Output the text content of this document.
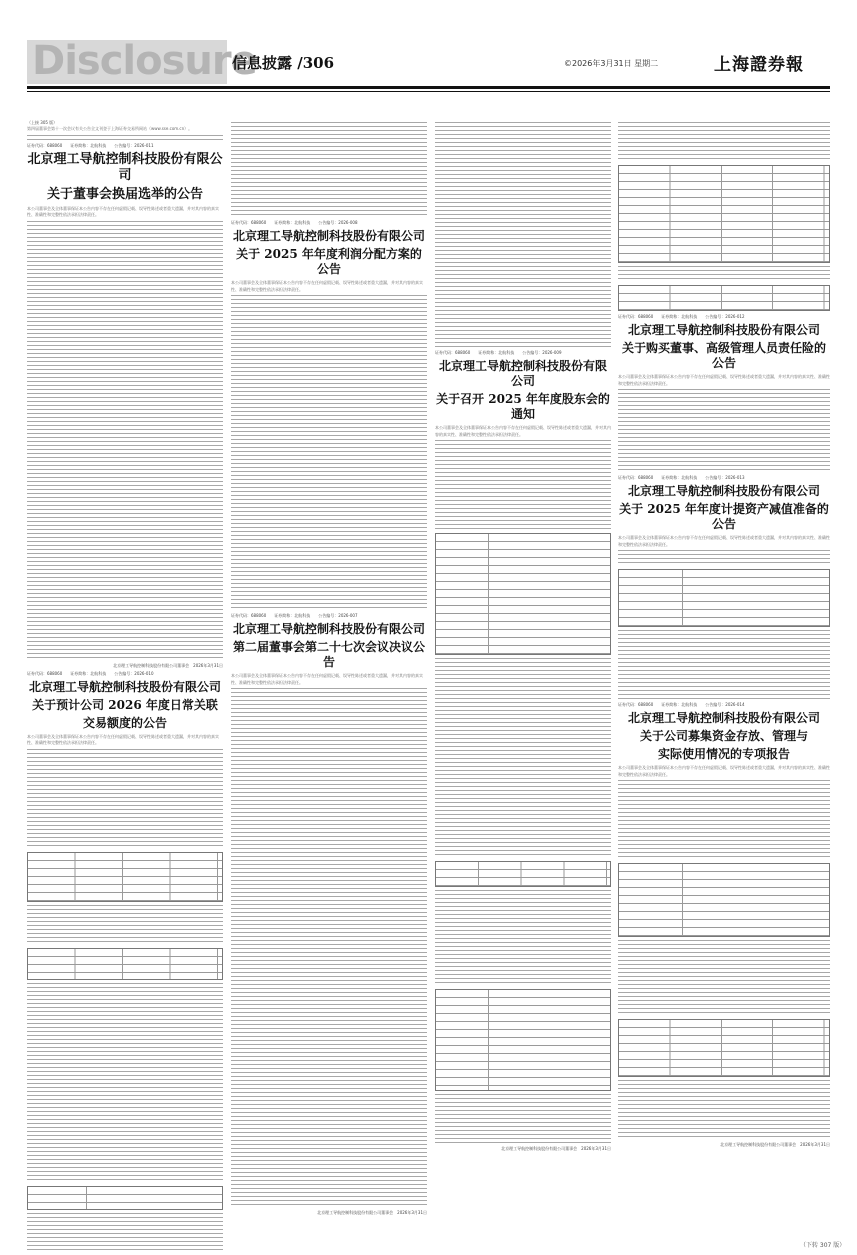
Disclosure
信息披露 /306	©2026年3月31日 星期二	上海證券報
（上接 305 版）

第四届董事会第十一次会议有关公告全文刊登于上海证券交易所网站（www.sse.com.cn）。

证券代码：688060　　证券简称：北航科技　　公告编号：2026-011
北京理工导航控制科技股份有限公司
关于董事会换届选举的公告

本公司董事会及全体董事保证本公告内容不存在任何虚假记载、误导性陈述或者重大遗漏，并对其内容的真实性、准确性和完整性依法承担法律责任。

北京理工导航控制科技股份有限公司董事会　2026年3月31日
证券代码：688060　　证券简称：北航科技　　公告编号：2026-010
北京理工导航控制科技股份有限公司
关于预计公司 2026 年度日常关联
交易额度的公告

本公司董事会及全体董事保证本公告内容不存在任何虚假记载、误导性陈述或者重大遗漏，并对其内容的真实性、准确性和完整性依法承担法律责任。

证券代码：688060　　证券简称：北航科技　　公告编号：2026-008
北京理工导航控制科技股份有限公司
关于 2025 年年度利润分配方案的公告

本公司董事会及全体董事保证本公告内容不存在任何虚假记载、误导性陈述或者重大遗漏，并对其内容的真实性、准确性和完整性依法承担法律责任。

证券代码：688060　　证券简称：北航科技　　公告编号：2026-007
北京理工导航控制科技股份有限公司
第二届董事会第二十七次会议决议公告

本公司董事会及全体董事保证本公告内容不存在任何虚假记载、误导性陈述或者重大遗漏，并对其内容的真实性、准确性和完整性依法承担法律责任。

北京理工导航控制科技股份有限公司董事会　2026年3月31日
证券代码：688060　　证券简称：北航科技　　公告编号：2026-009
北京理工导航控制科技股份有限公司
关于召开 2025 年年度股东会的通知

本公司董事会及全体董事保证本公告内容不存在任何虚假记载、误导性陈述或者重大遗漏，并对其内容的真实性、准确性和完整性依法承担法律责任。

北京理工导航控制科技股份有限公司董事会　2026年3月31日
证券代码：688060　　证券简称：北航科技　　公告编号：2026-012
北京理工导航控制科技股份有限公司
关于购买董事、高级管理人员责任险的公告

本公司董事会及全体董事保证本公告内容不存在任何虚假记载、误导性陈述或者重大遗漏，并对其内容的真实性、准确性和完整性依法承担法律责任。

证券代码：688060　　证券简称：北航科技　　公告编号：2026-013
北京理工导航控制科技股份有限公司
关于 2025 年年度计提资产减值准备的公告

本公司董事会及全体董事保证本公告内容不存在任何虚假记载、误导性陈述或者重大遗漏，并对其内容的真实性、准确性和完整性依法承担法律责任。

证券代码：688060　　证券简称：北航科技　　公告编号：2026-014
北京理工导航控制科技股份有限公司
关于公司募集资金存放、管理与
实际使用情况的专项报告

本公司董事会及全体董事保证本公告内容不存在任何虚假记载、误导性陈述或者重大遗漏，并对其内容的真实性、准确性和完整性依法承担法律责任。

北京理工导航控制科技股份有限公司董事会　2026年3月31日
（下转 307 版）
